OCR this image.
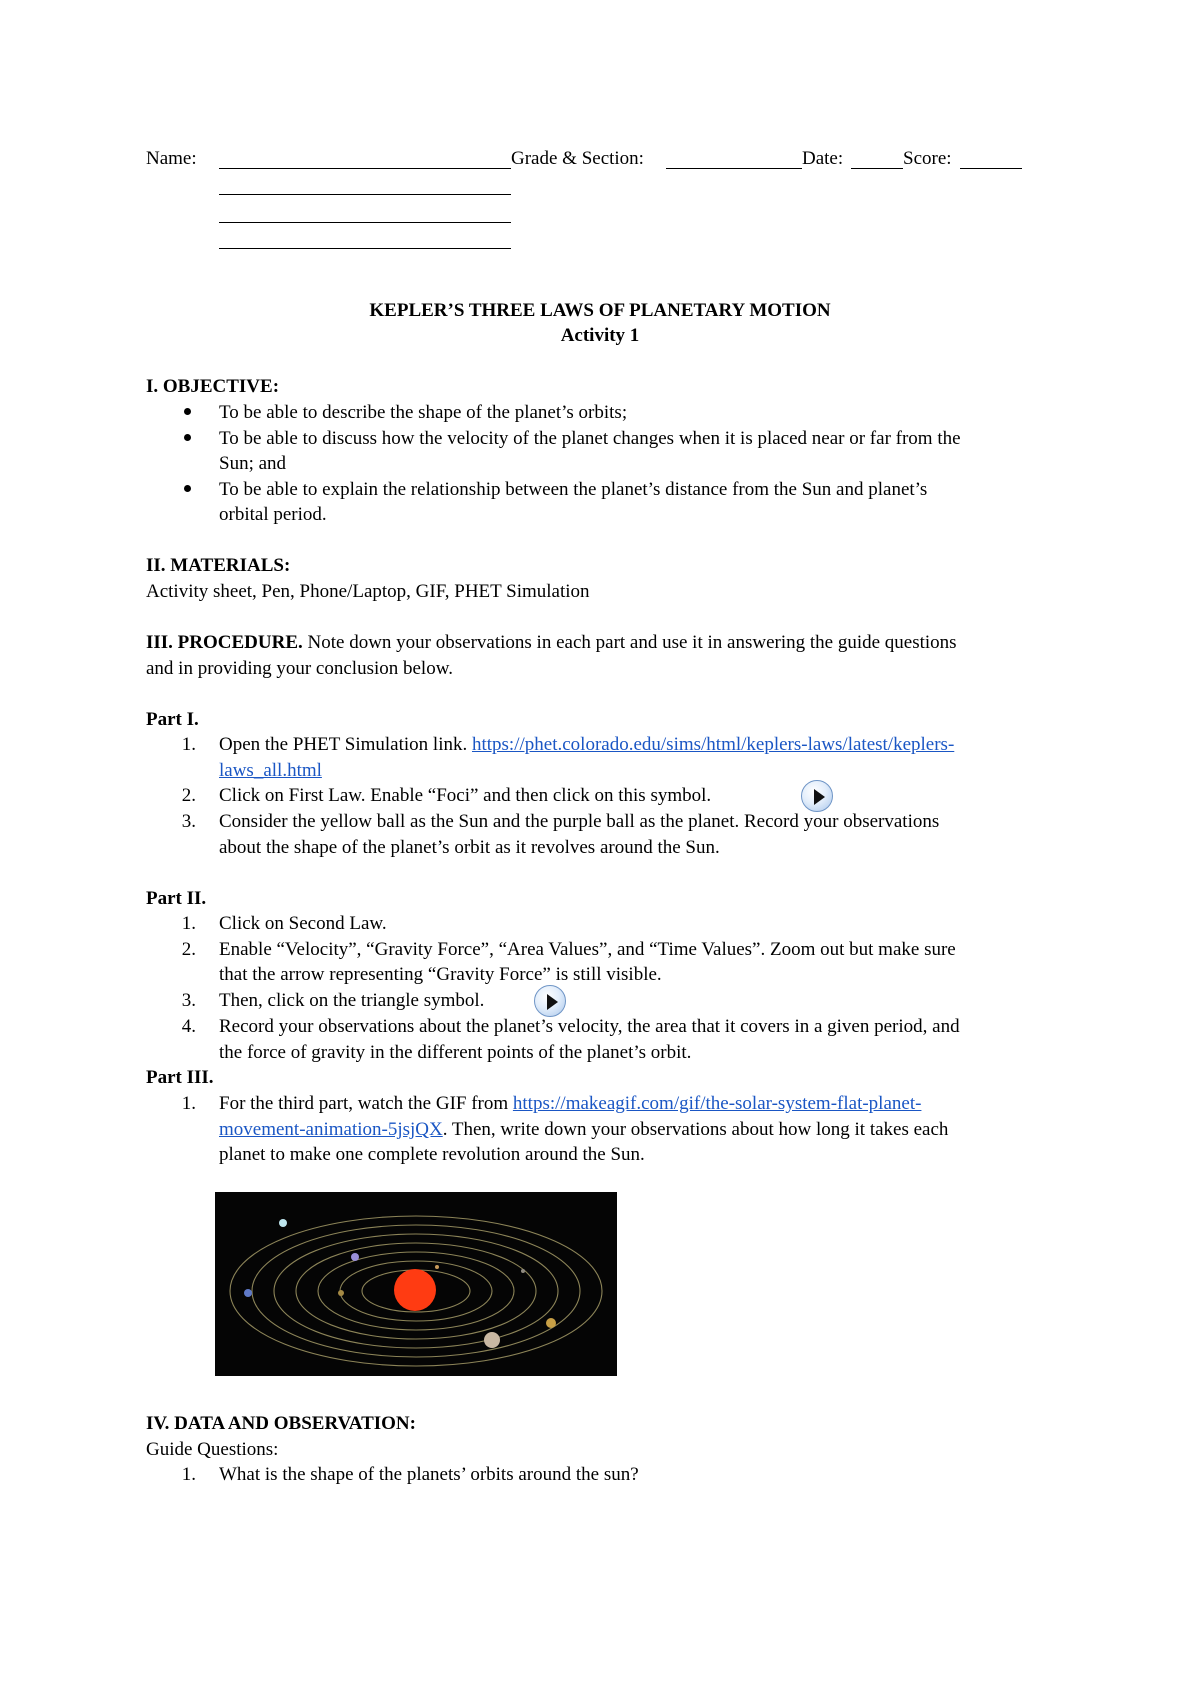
Name:	Grade & Section:	Date:	Score:
KEPLER’S THREE LAWS OF PLANETARY MOTION
Activity 1
I. OBJECTIVE:
To be able to describe the shape of the planet’s orbits;
To be able to discuss how the velocity of the planet changes when it is placed near or far from the
Sun; and
To be able to explain the relationship between the planet’s distance from the Sun and planet’s
orbital period.
II. MATERIALS:
Activity sheet, Pen, Phone/Laptop, GIF, PHET Simulation
III. PROCEDURE. Note down your observations in each part and use it in answering the guide questions
and in providing your conclusion below.
Part I.
1. Open the PHET Simulation link. https://phet.colorado.edu/sims/html/keplers-laws/latest/keplers-
laws_all.html
2. Click on First Law. Enable “Foci” and then click on this symbol.
3. Consider the yellow ball as the Sun and the purple ball as the planet. Record your observations
about the shape of the planet’s orbit as it revolves around the Sun.
Part II.
1. Click on Second Law.
2. Enable “Velocity”, “Gravity Force”, “Area Values”, and “Time Values”. Zoom out but make sure
that the arrow representing “Gravity Force” is still visible.
3. Then, click on the triangle symbol.
4. Record your observations about the planet’s velocity, the area that it covers in a given period, and
the force of gravity in the different points of the planet’s orbit.
Part III.
1. For the third part, watch the GIF from https://makeagif.com/gif/the-solar-system-flat-planet-
movement-animation-5jsjQX. Then, write down your observations about how long it takes each
planet to make one complete revolution around the Sun.
IV. DATA AND OBSERVATION:
Guide Questions:
1. What is the shape of the planets’ orbits around the sun?
